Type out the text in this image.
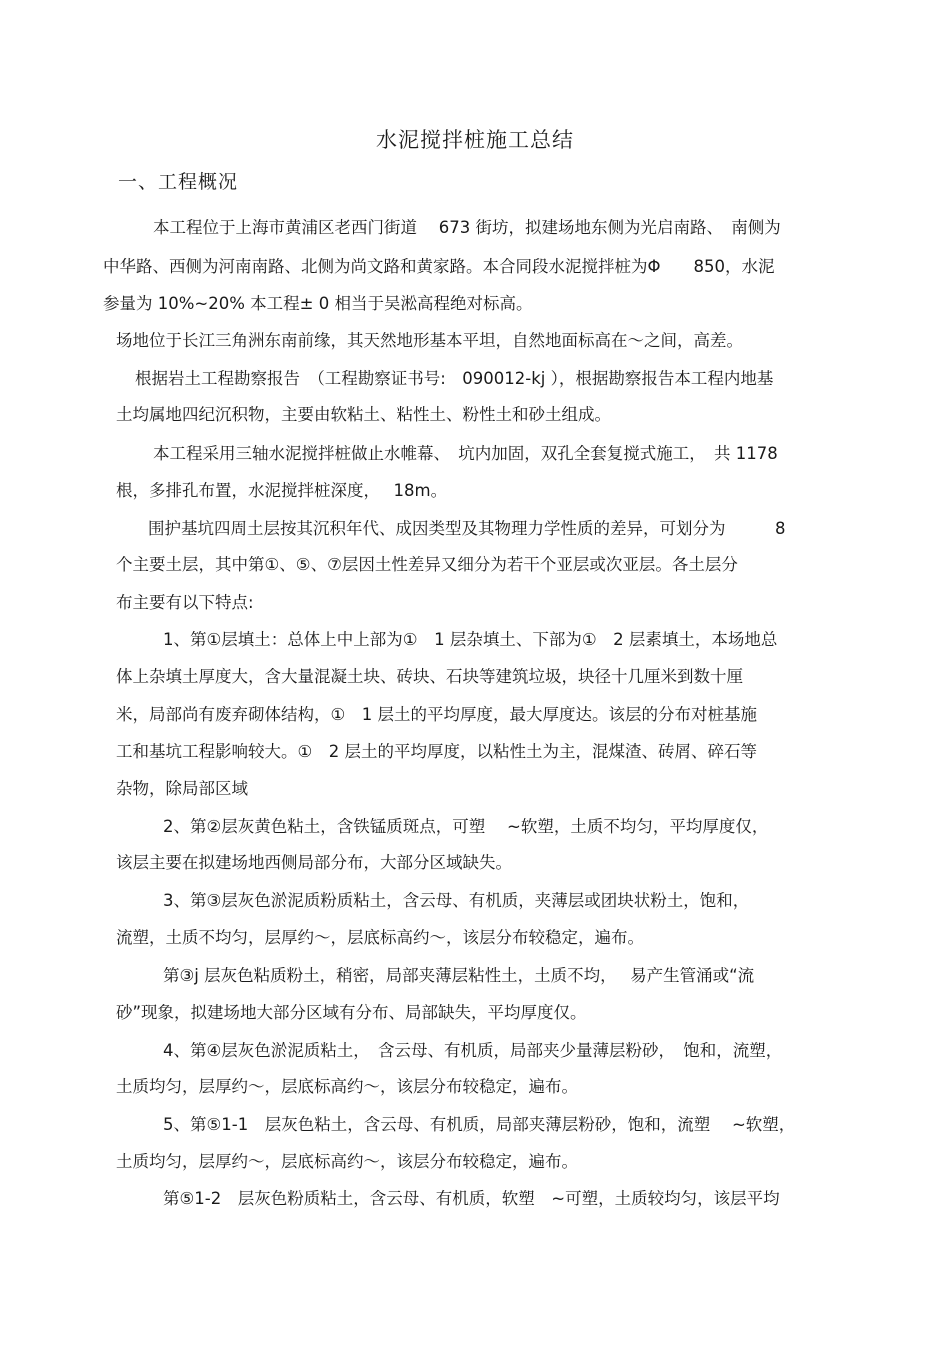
水泥搅拌桩施工总结
一、工程概况
本工程位于上海市黄浦区老西门街道　 673 街坊，拟建场地东侧为光启南路、　南侧为
中华路、西侧为河南南路、北侧为尚文路和黄家路。本合同段水泥搅拌桩为Φ　　850，水泥
参量为 10%~20% 本工程± 0 相当于吴淞高程绝对标高。
场地位于长江三角洲东南前缘，其天然地形基本平坦，自然地面标高在～之间，高差。
根据岩土工程勘察报告　（工程勘察证书号:　090012-kj ），根据勘察报告本工程内地基
土均属地四纪沉积物，主要由软粘土、粘性土、粉性土和砂土组成。
本工程采用三轴水泥搅拌桩做止水帷幕、　坑内加固，双孔全套复搅式施工，　共 1178
根，多排孔布置，水泥搅拌桩深度，　 18m。
围护基坑四周土层按其沉积年代、成因类型及其物理力学性质的差异，可划分为　　　8
个主要土层，其中第①、⑤、⑦层因土性差异又细分为若干个亚层或次亚层。各土层分
布主要有以下特点:
1、第①层填土：总体上中上部为①　1 层杂填土、下部为①　2 层素填土，本场地总
体上杂填土厚度大，含大量混凝土块、砖块、石块等建筑垃圾，块径十几厘米到数十厘
米，局部尚有废弃砌体结构，①　1 层土的平均厚度，最大厚度达。该层的分布对桩基施
工和基坑工程影响较大。①　2 层土的平均厚度，以粘性土为主，混煤渣、砖屑、碎石等
杂物，除局部区域
2、第②层灰黄色粘土，含铁锰质斑点，可塑　 ~软塑，土质不均匀，平均厚度仅，
该层主要在拟建场地西侧局部分布，大部分区域缺失。
3、第③层灰色淤泥质粉质粘土，含云母、有机质，夹薄层或团块状粉土，饱和，
流塑，土质不均匀，层厚约～，层底标高约～，该层分布较稳定，遍布。
第③j 层灰色粘质粉土，稍密，局部夹薄层粘性土，土质不均，　 易产生管涌或“流
砂”现象，拟建场地大部分区域有分布、局部缺失，平均厚度仅。
4、第④层灰色淤泥质粘土，　含云母、有机质，局部夹少量薄层粉砂，　饱和，流塑，
土质均匀，层厚约～，层底标高约～，该层分布较稳定，遍布。
5、第⑤1-1　层灰色粘土，含云母、有机质，局部夹薄层粉砂，饱和，流塑　 ~软塑，
土质均匀，层厚约～，层底标高约～，该层分布较稳定，遍布。
第⑤1-2　层灰色粉质粘土，含云母、有机质，软塑　~可塑，土质较均匀，该层平均
